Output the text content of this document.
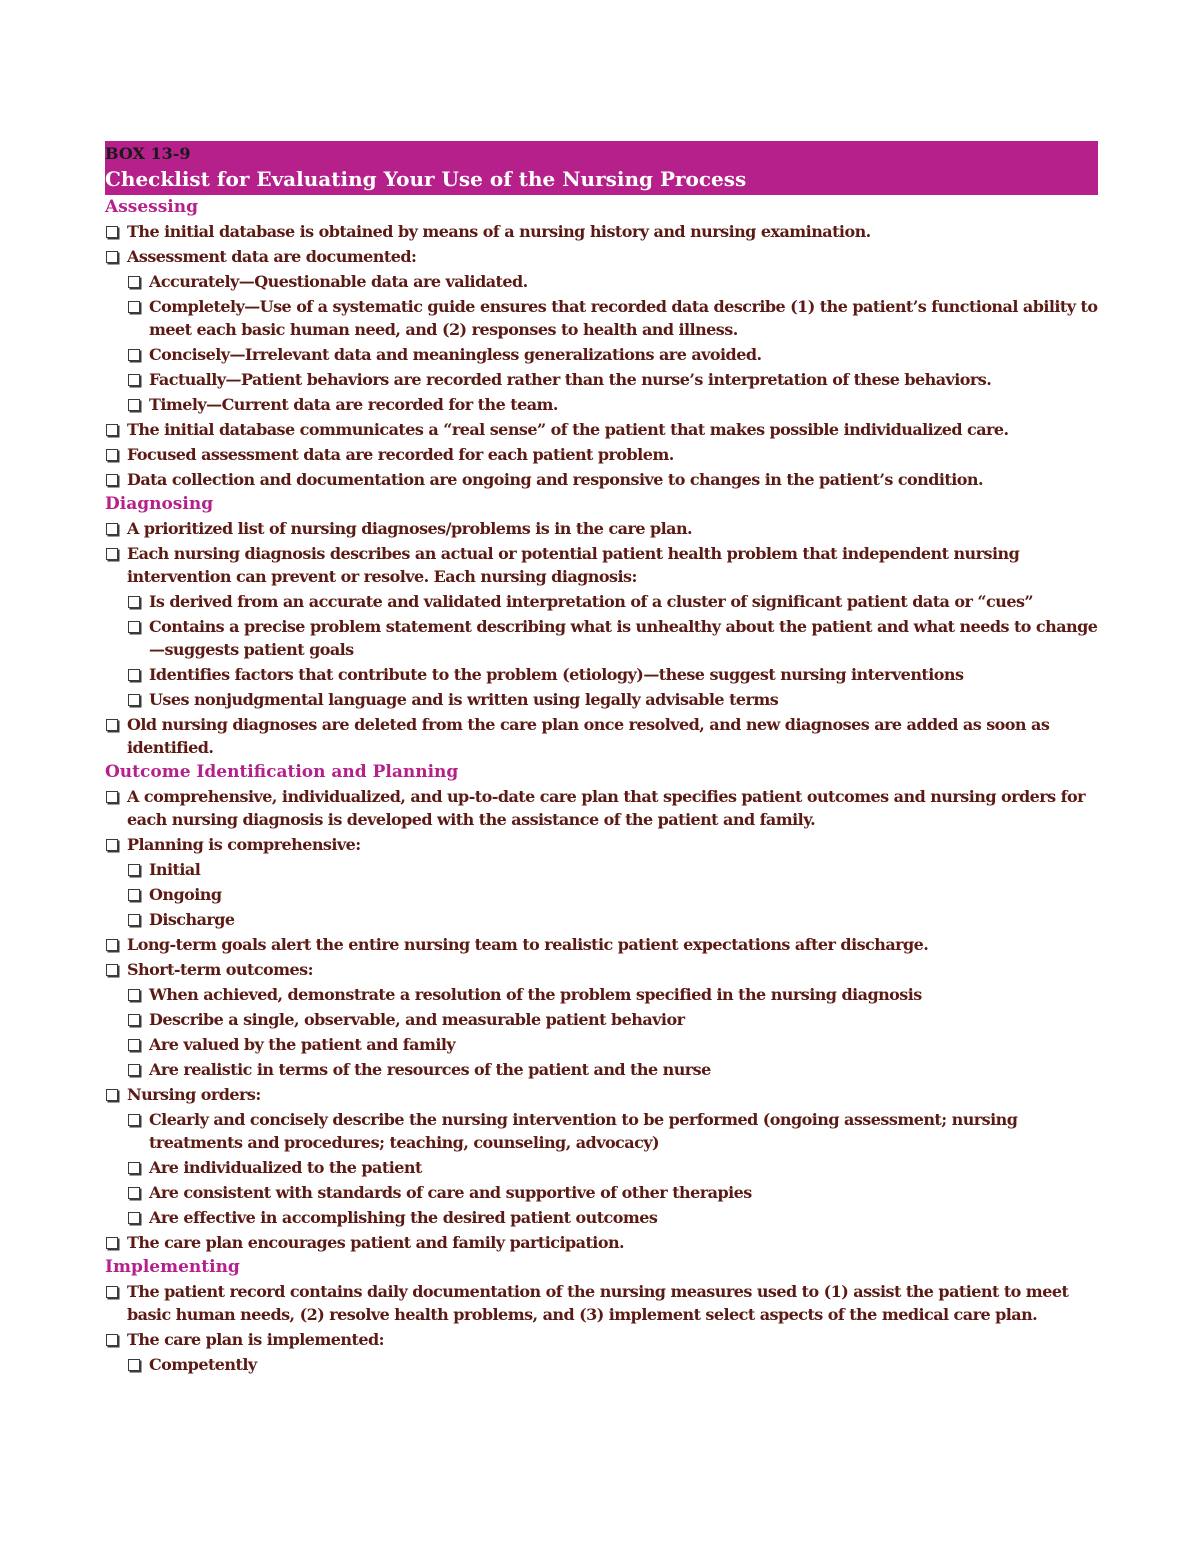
BOX 13-9
Checklist for Evaluating Your Use of the Nursing Process
Assessing
The initial database is obtained by means of a nursing history and nursing examination.
Assessment data are documented:
Accurately—Questionable data are validated.
Completely—Use of a systematic guide ensures that recorded data describe (1) the patient’s functional ability to meet each basic human need, and (2) responses to health and illness.
Concisely—Irrelevant data and meaningless generalizations are avoided.
Factually—Patient behaviors are recorded rather than the nurse’s interpretation of these behaviors.
Timely—Current data are recorded for the team.
The initial database communicates a “real sense” of the patient that makes possible individualized care.
Focused assessment data are recorded for each patient problem.
Data collection and documentation are ongoing and responsive to changes in the patient’s condition.
Diagnosing
A prioritized list of nursing diagnoses/problems is in the care plan.
Each nursing diagnosis describes an actual or potential patient health problem that independent nursing intervention can prevent or resolve. Each nursing diagnosis:
Is derived from an accurate and validated interpretation of a cluster of significant patient data or “cues”
Contains a precise problem statement describing what is unhealthy about the patient and what needs to change—suggests patient goals
Identifies factors that contribute to the problem (etiology)—these suggest nursing interventions
Uses nonjudgmental language and is written using legally advisable terms
Old nursing diagnoses are deleted from the care plan once resolved, and new diagnoses are added as soon as identified.
Outcome Identification and Planning
A comprehensive, individualized, and up-to-date care plan that specifies patient outcomes and nursing orders for each nursing diagnosis is developed with the assistance of the patient and family.
Planning is comprehensive:
Initial
Ongoing
Discharge
Long-term goals alert the entire nursing team to realistic patient expectations after discharge.
Short-term outcomes:
When achieved, demonstrate a resolution of the problem specified in the nursing diagnosis
Describe a single, observable, and measurable patient behavior
Are valued by the patient and family
Are realistic in terms of the resources of the patient and the nurse
Nursing orders:
Clearly and concisely describe the nursing intervention to be performed (ongoing assessment; nursing treatments and procedures; teaching, counseling, advocacy)
Are individualized to the patient
Are consistent with standards of care and supportive of other therapies
Are effective in accomplishing the desired patient outcomes
The care plan encourages patient and family participation.
Implementing
The patient record contains daily documentation of the nursing measures used to (1) assist the patient to meet basic human needs, (2) resolve health problems, and (3) implement select aspects of the medical care plan.
The care plan is implemented:
Competently
